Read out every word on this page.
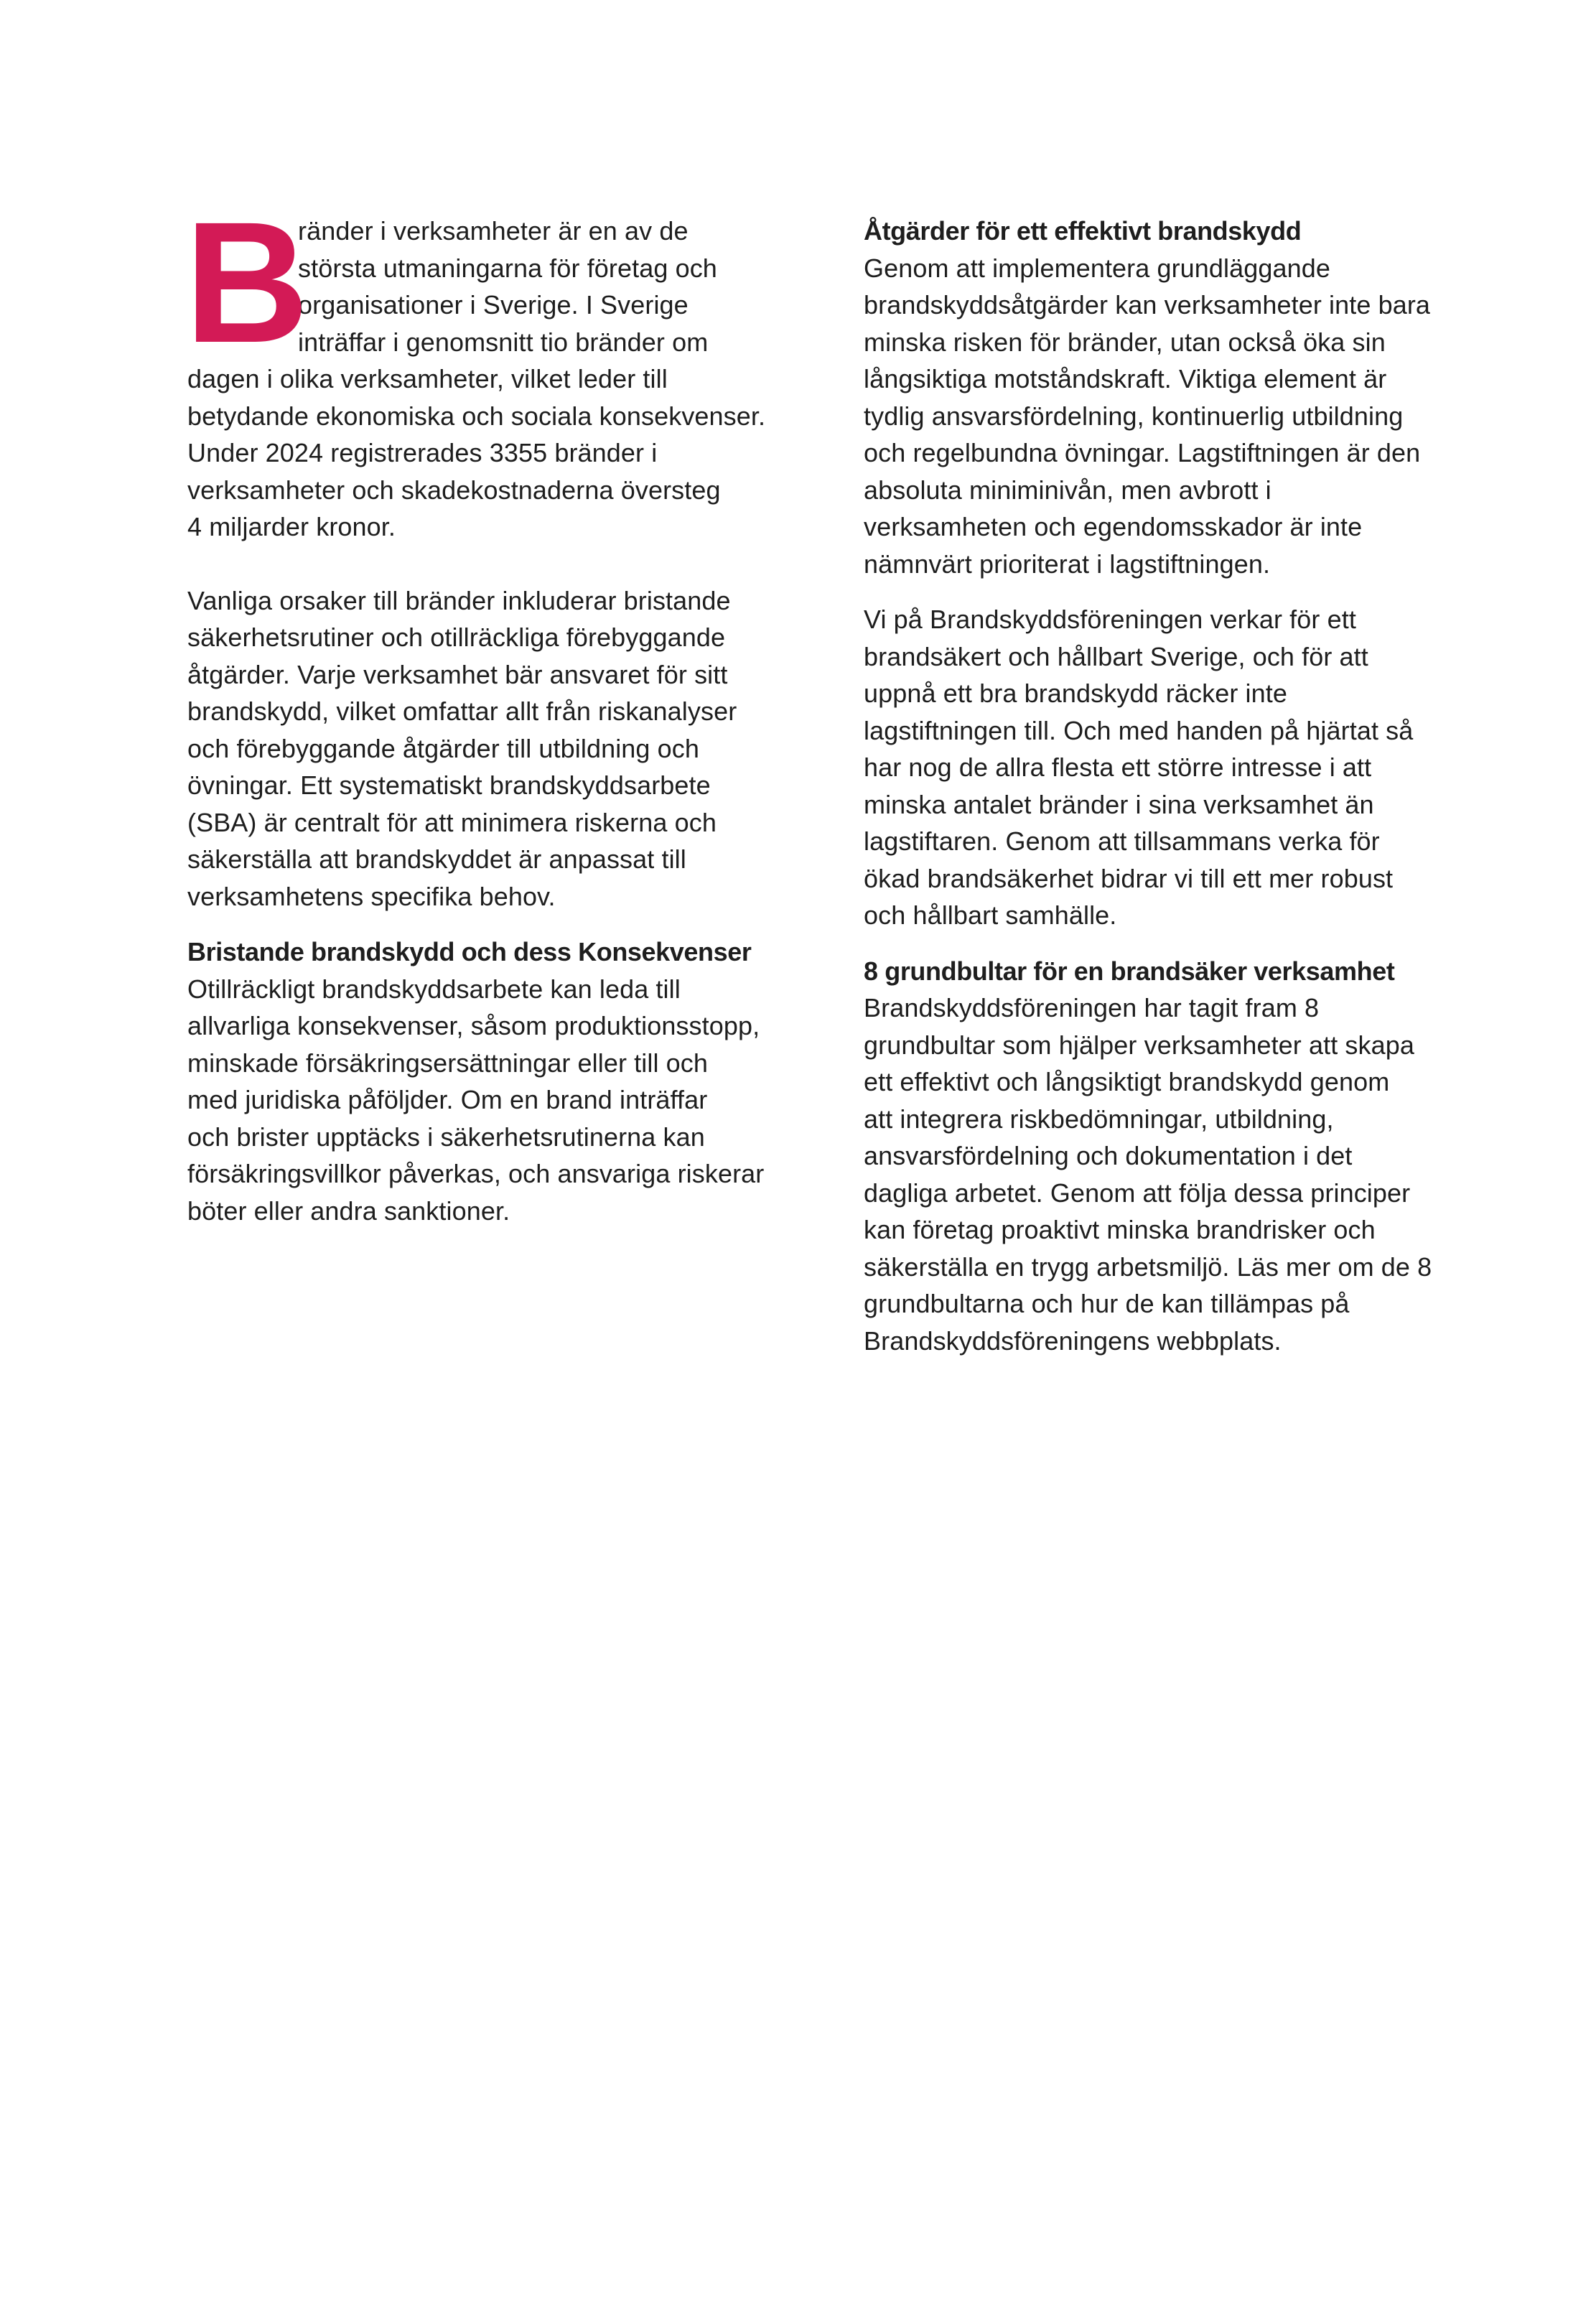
B
ränder i verksamheter är en av de
största utmaningarna för företag och
organisationer i Sverige. I Sverige
inträffar i genomsnitt tio bränder om
dagen i olika verksamheter, vilket leder till
betydande ekonomiska och sociala konsekvenser.
Under 2024 registrerades 3355 bränder i
verksamheter och skadekostnaderna översteg
4 miljarder kronor.
Vanliga orsaker till bränder inkluderar bristande
säkerhetsrutiner och otillräckliga förebyggande
åtgärder. Varje verksamhet bär ansvaret för sitt
brandskydd, vilket omfattar allt från riskanalyser
och förebyggande åtgärder till utbildning och
övningar. Ett systematiskt brandskyddsarbete
(SBA) är centralt för att minimera riskerna och
säkerställa att brandskyddet är anpassat till
verksamhetens specifika behov.
Bristande brandskydd och dess Konsekvenser
Otillräckligt brandskyddsarbete kan leda till
allvarliga konsekvenser, såsom produktionsstopp,
minskade försäkringsersättningar eller till och
med juridiska påföljder. Om en brand inträffar
och brister upptäcks i säkerhetsrutinerna kan
försäkringsvillkor påverkas, och ansvariga riskerar
böter eller andra sanktioner.
Åtgärder för ett effektivt brandskydd
Genom att implementera grundläggande
brandskyddsåtgärder kan verksamheter inte bara
minska risken för bränder, utan också öka sin
långsiktiga motståndskraft. Viktiga element är
tydlig ansvarsfördelning, kontinuerlig utbildning
och regelbundna övningar. Lagstiftningen är den
absoluta miniminivån, men avbrott i
verksamheten och egendomsskador är inte
nämnvärt prioriterat i lagstiftningen.
Vi på Brandskyddsföreningen verkar för ett
brandsäkert och hållbart Sverige, och för att
uppnå ett bra brandskydd räcker inte
lagstiftningen till. Och med handen på hjärtat så
har nog de allra flesta ett större intresse i att
minska antalet bränder i sina verksamhet än
lagstiftaren. Genom att tillsammans verka för
ökad brandsäkerhet bidrar vi till ett mer robust
och hållbart samhälle.
8 grundbultar för en brandsäker verksamhet
Brandskyddsföreningen har tagit fram 8
grundbultar som hjälper verksamheter att skapa
ett effektivt och långsiktigt brandskydd genom
att integrera riskbedömningar, utbildning,
ansvarsfördelning och dokumentation i det
dagliga arbetet. Genom att följa dessa principer
kan företag proaktivt minska brandrisker och
säkerställa en trygg arbetsmiljö. Läs mer om de 8
grundbultarna och hur de kan tillämpas på
Brandskyddsföreningens webbplats.
